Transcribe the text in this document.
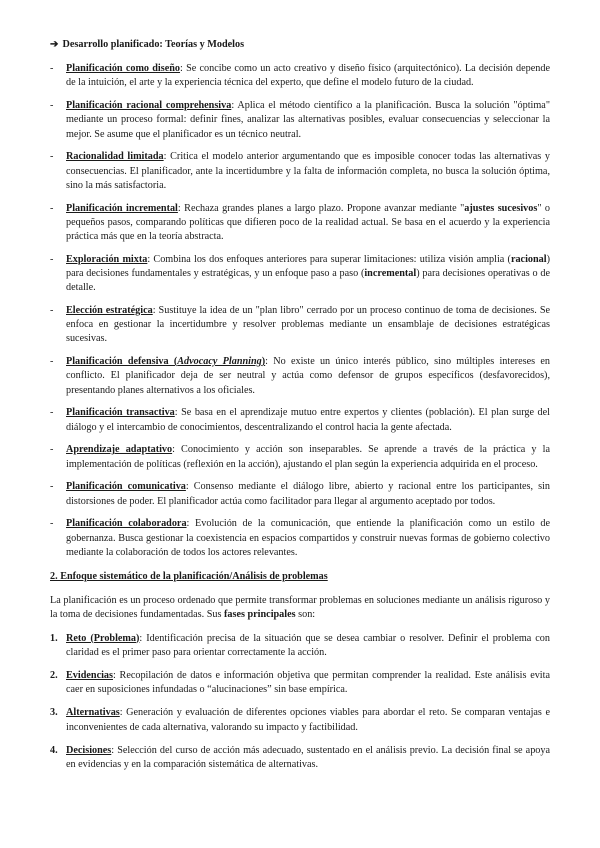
➔ Desarrollo planificado: Teorías y Modelos
- Planificación como diseño: Se concibe como un acto creativo y diseño físico (arquitectónico). La decisión depende de la intuición, el arte y la experiencia técnica del experto, que define el modelo futuro de la ciudad.
- Planificación racional comprehensiva: Aplica el método científico a la planificación. Busca la solución "óptima" mediante un proceso formal: definir fines, analizar las alternativas posibles, evaluar consecuencias y seleccionar la mejor. Se asume que el planificador es un técnico neutral.
- Racionalidad limitada: Critica el modelo anterior argumentando que es imposible conocer todas las alternativas y consecuencias. El planificador, ante la incertidumbre y la falta de información completa, no busca la solución óptima, sino la más satisfactoria.
- Planificación incremental: Rechaza grandes planes a largo plazo. Propone avanzar mediante "ajustes sucesivos" o pequeños pasos, comparando políticas que difieren poco de la realidad actual. Se basa en el acuerdo y la experiencia práctica más que en la teoría abstracta.
- Exploración mixta: Combina los dos enfoques anteriores para superar limitaciones: utiliza visión amplia (racional) para decisiones fundamentales y estratégicas, y un enfoque paso a paso (incremental) para decisiones operativas o de detalle.
- Elección estratégica: Sustituye la idea de un "plan libro" cerrado por un proceso continuo de toma de decisiones. Se enfoca en gestionar la incertidumbre y resolver problemas mediante un ensamblaje de decisiones estratégicas sucesivas.
- Planificación defensiva (Advocacy Planning): No existe un único interés público, sino múltiples intereses en conflicto. El planificador deja de ser neutral y actúa como defensor de grupos específicos (desfavorecidos), presentando planes alternativos a los oficiales.
- Planificación transactiva: Se basa en el aprendizaje mutuo entre expertos y clientes (población). El plan surge del diálogo y el intercambio de conocimientos, descentralizando el control hacia la gente afectada.
- Aprendizaje adaptativo: Conocimiento y acción son inseparables. Se aprende a través de la práctica y la implementación de políticas (reflexión en la acción), ajustando el plan según la experiencia adquirida en el proceso.
- Planificación comunicativa: Consenso mediante el diálogo libre, abierto y racional entre los participantes, sin distorsiones de poder. El planificador actúa como facilitador para llegar al argumento aceptado por todos.
- Planificación colaboradora: Evolución de la comunicación, que entiende la planificación como un estilo de gobernanza. Busca gestionar la coexistencia en espacios compartidos y construir nuevas formas de gobierno colectivo mediante la colaboración de todos los actores relevantes.
2. Enfoque sistemático de la planificación/Análisis de problemas
La planificación es un proceso ordenado que permite transformar problemas en soluciones mediante un análisis riguroso y la toma de decisiones fundamentadas. Sus fases principales son:
1. Reto (Problema): Identificación precisa de la situación que se desea cambiar o resolver. Definir el problema con claridad es el primer paso para orientar correctamente la acción.
2. Evidencias: Recopilación de datos e información objetiva que permitan comprender la realidad. Este análisis evita caer en suposiciones infundadas o “alucinaciones” sin base empírica.
3. Alternativas: Generación y evaluación de diferentes opciones viables para abordar el reto. Se comparan ventajas e inconvenientes de cada alternativa, valorando su impacto y factibilidad.
4. Decisiones: Selección del curso de acción más adecuado, sustentado en el análisis previo. La decisión final se apoya en evidencias y en la comparación sistemática de alternativas.
